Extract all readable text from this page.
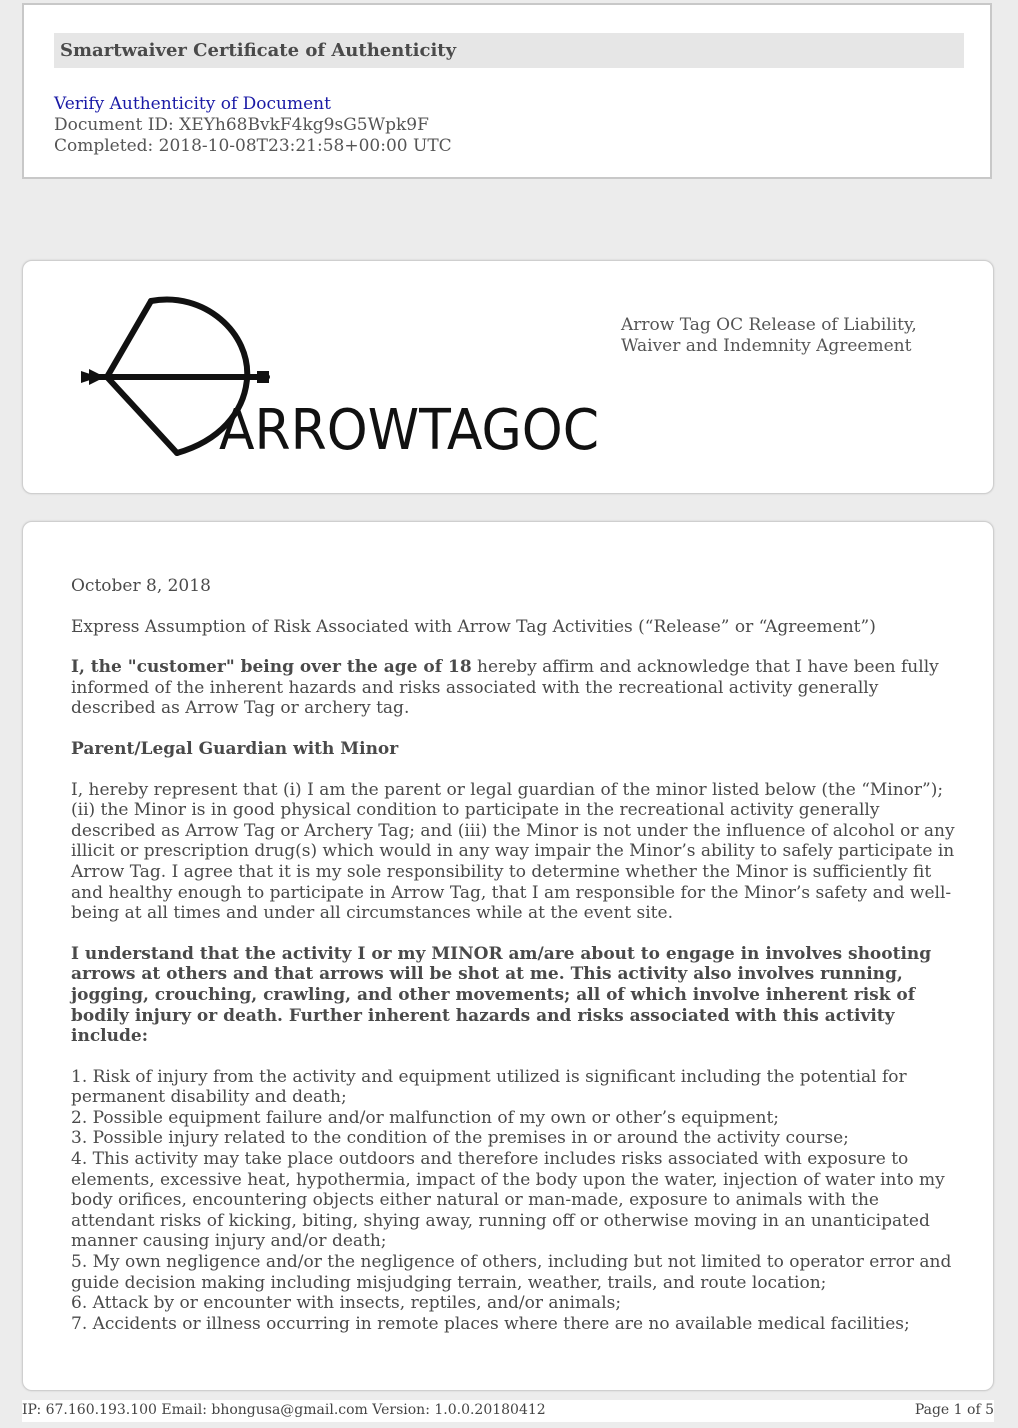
Smartwaiver Certificate of Authenticity
Verify Authenticity of Document
Document ID: XEYh68BvkF4kg9sG5Wpk9F
Completed: 2018-10-08T23:21:58+00:00 UTC
ARROWTAGOC
Arrow Tag OC Release of Liability,
Waiver and Indemnity Agreement

October 8, 2018

Express Assumption of Risk Associated with Arrow Tag Activities (“Release” or “Agreement”)

I, the "customer" being over the age of 18 hereby affirm and acknowledge that I have been fully informed of the inherent hazards and risks associated with the recreational activity generally described as Arrow Tag or archery tag.

Parent/Legal Guardian with Minor

I, hereby represent that (i) I am the parent or legal guardian of the minor listed below (the “Minor”); (ii) the Minor is in good physical condition to participate in the recreational activity generally described as Arrow Tag or Archery Tag; and (iii) the Minor is not under the influence of alcohol or any illicit or prescription drug(s) which would in any way impair the Minor’s ability to safely participate in Arrow Tag. I agree that it is my sole responsibility to determine whether the Minor is sufficiently fit and healthy enough to participate in Arrow Tag, that I am responsible for the Minor’s safety and well-being at all times and under all circumstances while at the event site.

I understand that the activity I or my MINOR am/are about to engage in involves shooting arrows at others and that arrows will be shot at me. This activity also involves running, jogging, crouching, crawling, and other movements; all of which involve inherent risk of bodily injury or death. Further inherent hazards and risks associated with this activity include:

1. Risk of injury from the activity and equipment utilized is significant including the potential for permanent disability and death;
2. Possible equipment failure and/or malfunction of my own or other’s equipment;
3. Possible injury related to the condition of the premises in or around the activity course;
4. This activity may take place outdoors and therefore includes risks associated with exposure to elements, excessive heat, hypothermia, impact of the body upon the water, injection of water into my body orifices, encountering objects either natural or man-made, exposure to animals with the attendant risks of kicking, biting, shying away, running off or otherwise moving in an unanticipated manner causing injury and/or death;
5. My own negligence and/or the negligence of others, including but not limited to operator error and guide decision making including misjudging terrain, weather, trails, and route location;
6. Attack by or encounter with insects, reptiles, and/or animals;
7. Accidents or illness occurring in remote places where there are no available medical facilities;
IP: 67.160.193.100 Email: bhongusa@gmail.com Version: 1.0.0.20180412	Page 1 of 5
